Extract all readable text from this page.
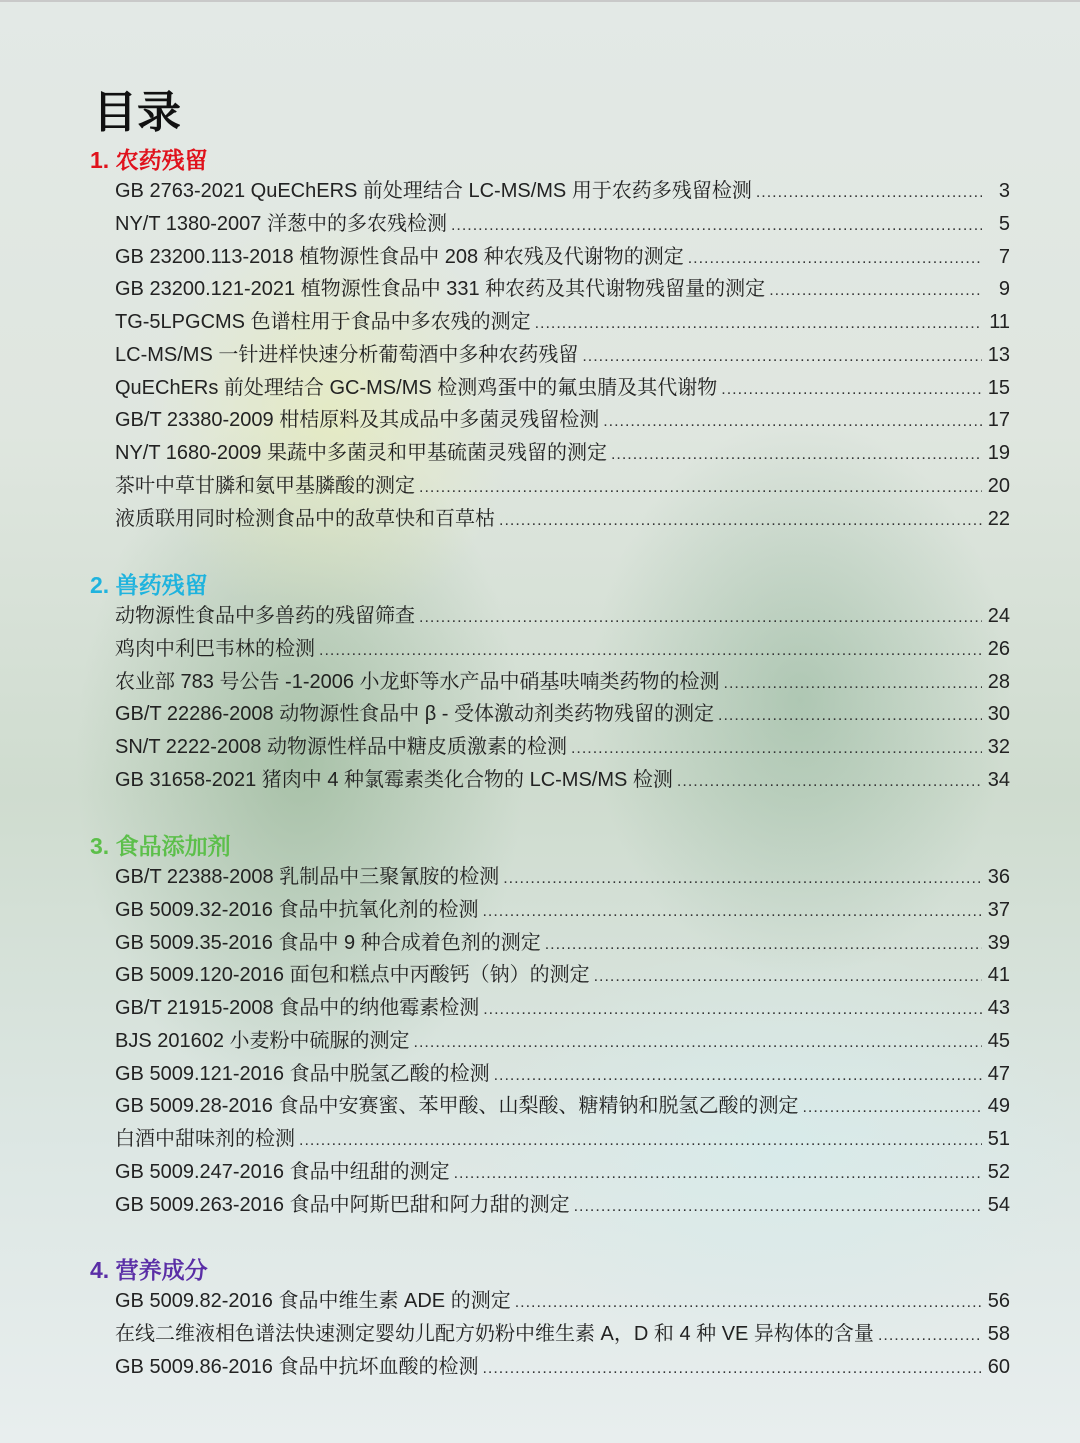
目录
1. 农药残留
GB 2763-2021 QuEChERS 前处理结合 LC-MS/MS 用于农药多残留检测 .....	3
NY/T 1380-2007 洋葱中的多农残检测 .....	5
GB 23200.113-2018 植物源性食品中 208 种农残及代谢物的测定 .....	7
GB 23200.121-2021 植物源性食品中 331 种农药及其代谢物残留量的测定 .....	9
TG-5LPGCMS 色谱柱用于食品中多农残的测定 .....	11
LC-MS/MS 一针进样快速分析葡萄酒中多种农药残留 .....	13
QuEChERs 前处理结合 GC-MS/MS 检测鸡蛋中的氟虫腈及其代谢物 .....	15
GB/T 23380-2009 柑桔原料及其成品中多菌灵残留检测 .....	17
NY/T 1680-2009 果蔬中多菌灵和甲基硫菌灵残留的测定 .....	19
茶叶中草甘膦和氨甲基膦酸的测定 .....	20
液质联用同时检测食品中的敌草快和百草枯 .....	22
2. 兽药残留
动物源性食品中多兽药的残留筛查 .....	24
鸡肉中利巴韦林的检测 .....	26
农业部 783 号公告 -1-2006 小龙虾等水产品中硝基呋喃类药物的检测 .....	28
GB/T 22286-2008 动物源性食品中 β - 受体激动剂类药物残留的测定 .....	30
SN/T 2222-2008 动物源性样品中糖皮质激素的检测 .....	32
GB 31658-2021 猪肉中 4 种氯霉素类化合物的 LC-MS/MS 检测 .....	34
3. 食品添加剂
GB/T 22388-2008 乳制品中三聚氰胺的检测 .....	36
GB 5009.32-2016 食品中抗氧化剂的检测 .....	37
GB 5009.35-2016 食品中 9 种合成着色剂的测定 .....	39
GB 5009.120-2016 面包和糕点中丙酸钙（钠）的测定 .....	41
GB/T 21915-2008 食品中的纳他霉素检测 .....	43
BJS 201602 小麦粉中硫脲的测定 .....	45
GB 5009.121-2016 食品中脱氢乙酸的检测 .....	47
GB 5009.28-2016 食品中安赛蜜、苯甲酸、山梨酸、糖精钠和脱氢乙酸的测定 .....	49
白酒中甜味剂的检测 .....	51
GB 5009.247-2016 食品中纽甜的测定 .....	52
GB 5009.263-2016 食品中阿斯巴甜和阿力甜的测定 .....	54
4. 营养成分
GB 5009.82-2016 食品中维生素 ADE 的测定 .....	56
在线二维液相色谱法快速测定婴幼儿配方奶粉中维生素 A，D 和 4 种 VE 异构体的含量 .....	58
GB 5009.86-2016 食品中抗坏血酸的检测 .....	60
